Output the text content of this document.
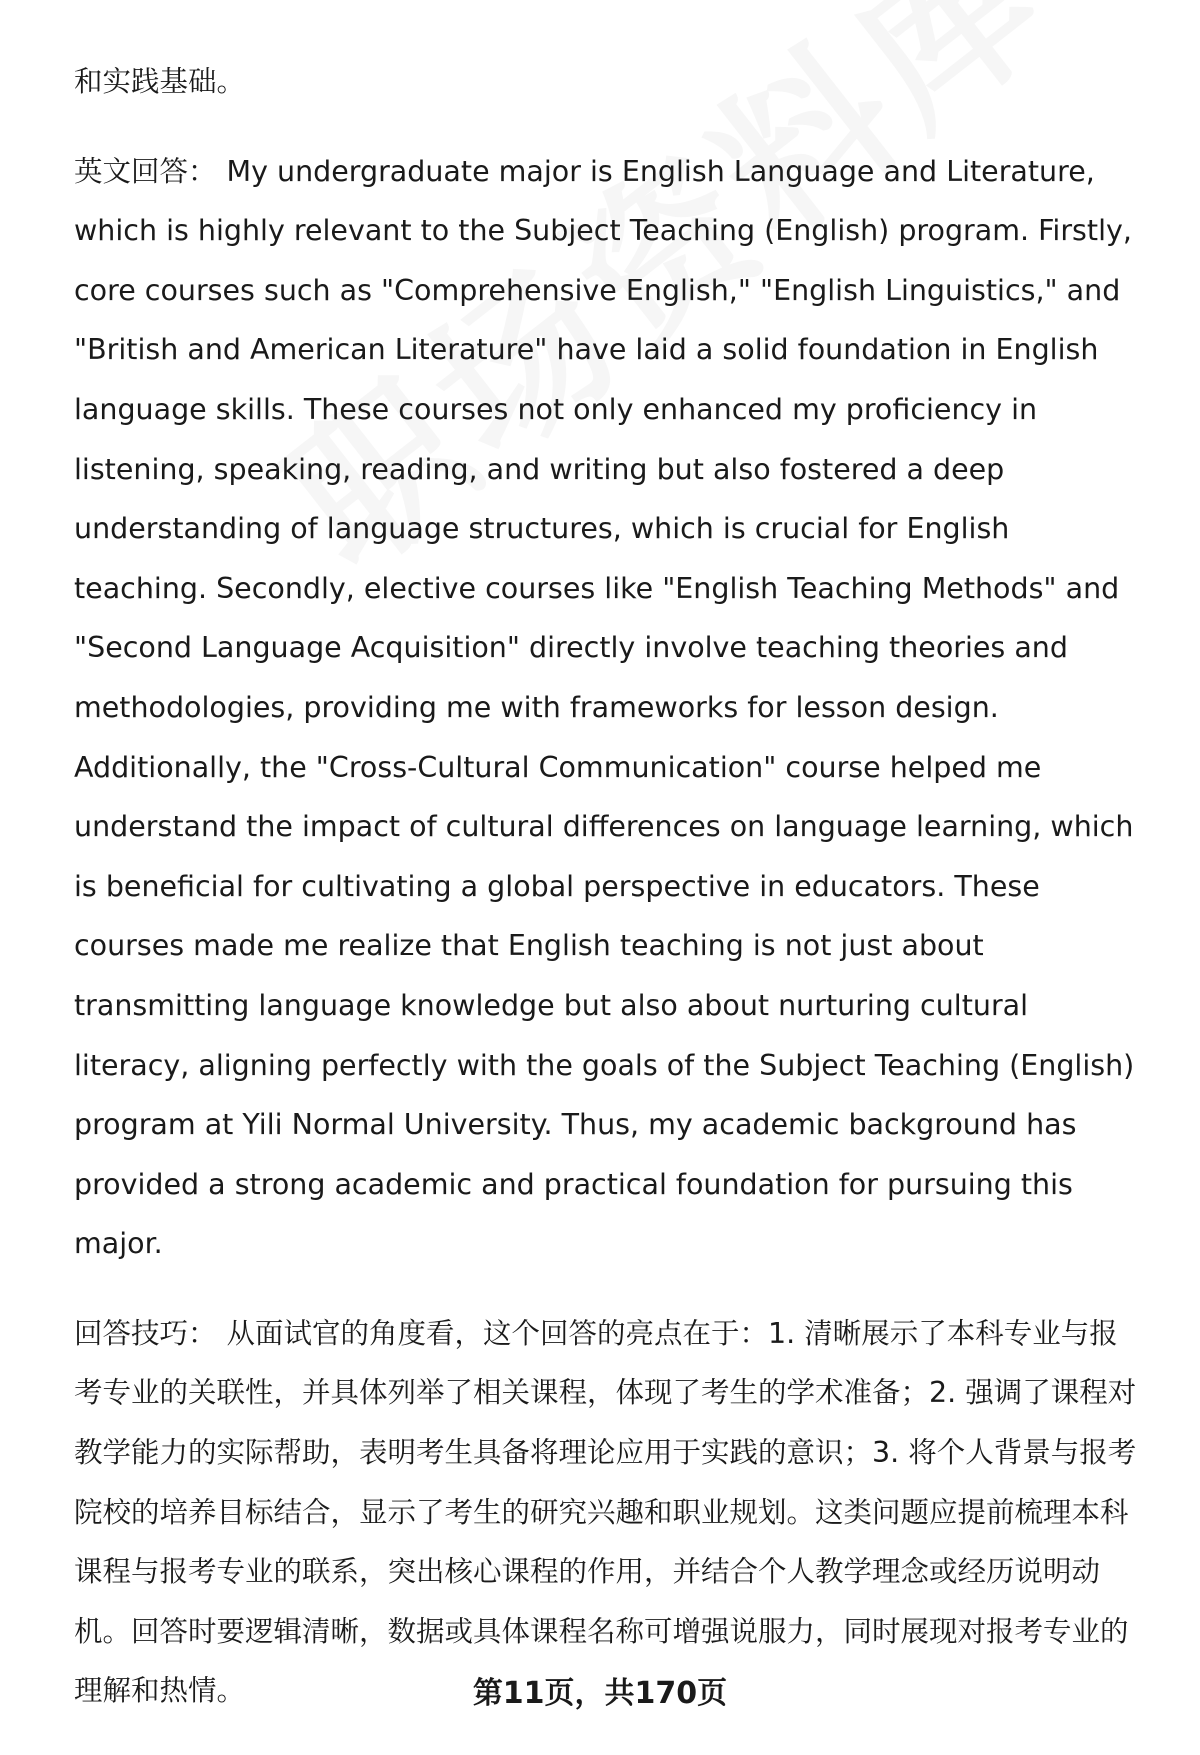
和实践基础。

英文回答： My undergraduate major is English Language and Literature, which is highly relevant to the Subject Teaching (English) program. Firstly, core courses such as "Comprehensive English," "English Linguistics," and "British and American Literature" have laid a solid foundation in English language skills. These courses not only enhanced my proficiency in listening, speaking, reading, and writing but also fostered a deep understanding of language structures, which is crucial for English teaching. Secondly, elective courses like "English Teaching Methods" and "Second Language Acquisition" directly involve teaching theories and methodologies, providing me with frameworks for lesson design. Additionally, the "Cross-Cultural Communication" course helped me understand the impact of cultural differences on language learning, which is beneficial for cultivating a global perspective in educators. These courses made me realize that English teaching is not just about transmitting language knowledge but also about nurturing cultural literacy, aligning perfectly with the goals of the Subject Teaching (English) program at Yili Normal University. Thus, my academic background has provided a strong academic and practical foundation for pursuing this major.

回答技巧： 从面试官的角度看，这个回答的亮点在于：1. 清晰展示了本科专业与报考专业的关联性，并具体列举了相关课程，体现了考生的学术准备；2. 强调了课程对教学能力的实际帮助，表明考生具备将理论应用于实践的意识；3. 将个人背景与报考院校的培养目标结合，显示了考生的研究兴趣和职业规划。这类问题应提前梳理本科课程与报考专业的联系，突出核心课程的作用，并结合个人教学理念或经历说明动机。回答时要逻辑清晰，数据或具体课程名称可增强说服力，同时展现对报考专业的理解和热情。	第11页，共170页
